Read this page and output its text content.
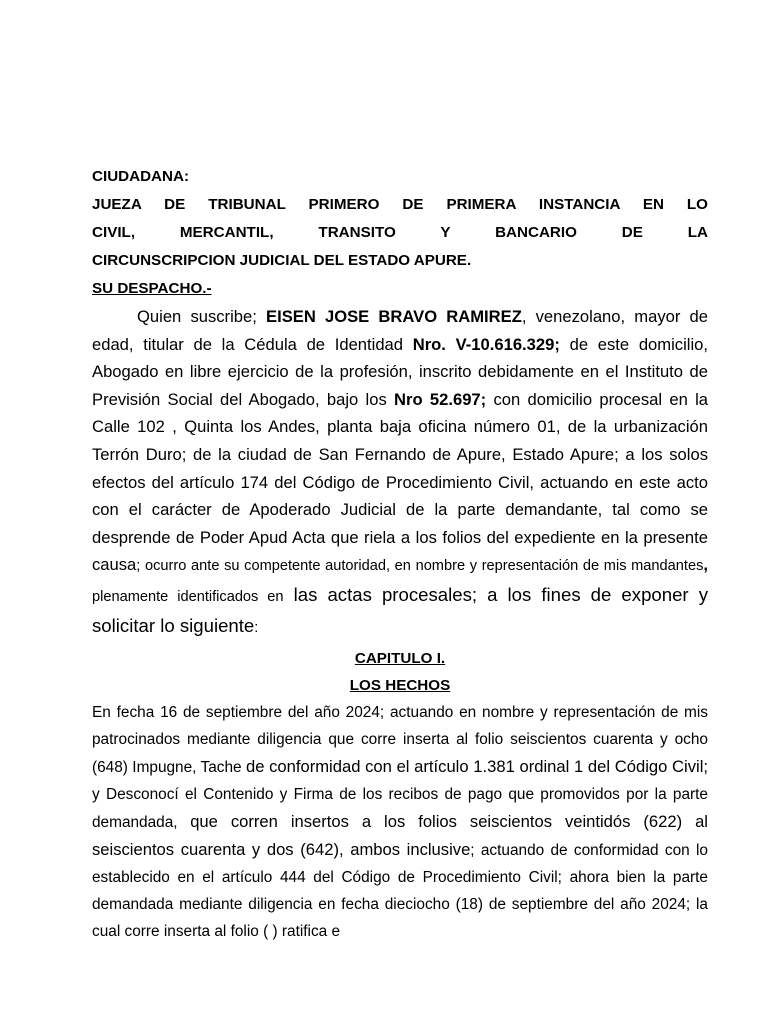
CIUDADANA:
JUEZA DE TRIBUNAL PRIMERO DE PRIMERA INSTANCIA EN LO
CIVIL, MERCANTIL, TRANSITO Y BANCARIO DE LA
CIRCUNSCRIPCION JUDICIAL DEL ESTADO APURE.
SU DESPACHO.-

Quien suscribe; EISEN JOSE BRAVO RAMIREZ, venezolano, mayor de edad, titular de la Cédula de Identidad Nro. V-10.616.329; de este domicilio, Abogado en libre ejercicio de la profesión, inscrito debidamente en el Instituto de Previsión Social del Abogado, bajo los Nro 52.697; con domicilio procesal en la Calle 102 , Quinta los Andes, planta baja oficina número 01, de la urbanización Terrón Duro; de la ciudad de San Fernando de Apure, Estado Apure; a los solos efectos del artículo 174 del Código de Procedimiento Civil, actuando en este acto con el carácter de Apoderado Judicial de la parte demandante, tal como se desprende de Poder Apud Acta que riela a los folios del expediente en la presente causa; ocurro ante su competente autoridad, en nombre y representación de mis mandantes, plenamente identificados en las actas procesales; a los fines de exponer y solicitar lo siguiente:

CAPITULO I.
LOS HECHOS

En fecha 16 de septiembre del año 2024; actuando en nombre y representación de mis patrocinados mediante diligencia que corre inserta al folio seiscientos cuarenta y ocho (648) Impugne, Tache de conformidad con el artículo 1.381 ordinal 1 del Código Civil; y Desconocí el Contenido y Firma de los recibos de pago que promovidos por la parte demandada, que corren insertos a los folios seiscientos veintidós (622) al seiscientos cuarenta y dos (642), ambos inclusive; actuando de conformidad con lo establecido en el artículo 444 del Código de Procedimiento Civil; ahora bien la parte demandada mediante diligencia en fecha dieciocho (18) de septiembre del año 2024; la cual corre inserta al folio ( ) ratifica e
